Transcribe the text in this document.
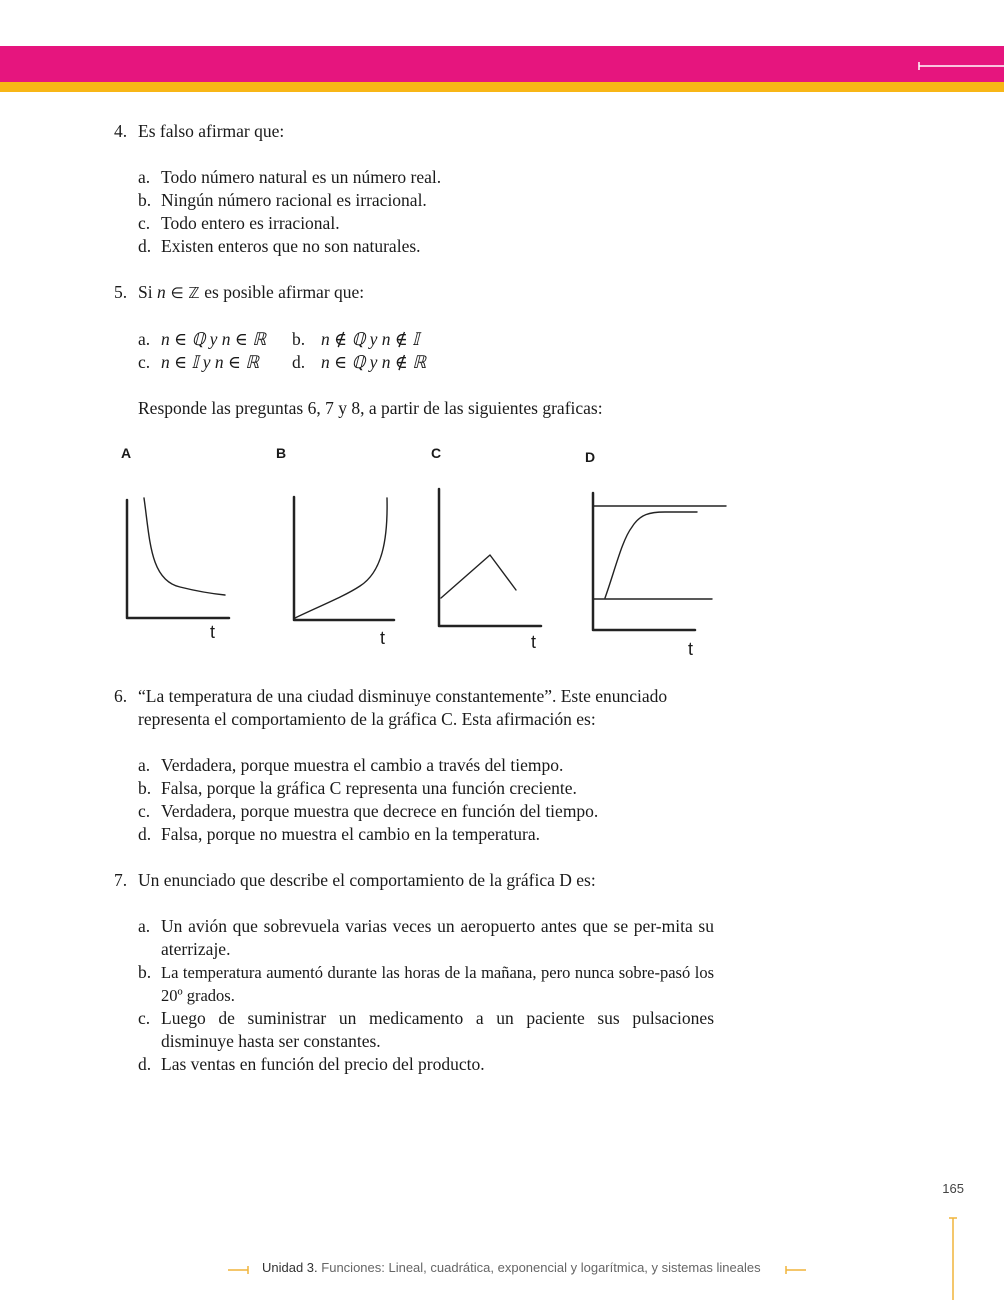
4. Es falso afirmar que:
a. Todo número natural es un número real.
b. Ningún número racional es irracional.
c. Todo entero es irracional.
d. Existen enteros que no son naturales.
5. Si n ∈ ℤ es posible afirmar que:
a. n ∈ ℚ y n ∈ ℝ b. n ∉ ℚ y n ∉ 𝕀
c. n ∈ 𝕀 y n ∈ ℝ d. n ∈ ℚ y n ∉ ℝ
Responde las preguntas 6, 7 y 8, a partir de las siguientes graficas:
6. “La temperatura de una ciudad disminuye constantemente”. Este enunciado representa el comportamiento de la gráfica C. Esta afirmación es:
a. Verdadera, porque muestra el cambio a través del tiempo.
b. Falsa, porque la gráfica C representa una función creciente.
c. Verdadera, porque muestra que decrece en función del tiempo.
d. Falsa, porque no muestra el cambio en la temperatura.
7. Un enunciado que describe el comportamiento de la gráfica D es:
a. Un avión que sobrevuela varias veces un aeropuerto antes que se per-mita su aterrizaje.
b. La temperatura aumentó durante las horas de la mañana, pero nunca sobre-pasó los 20º grados.
c. Luego de suministrar un medicamento a un paciente sus pulsaciones disminuye hasta ser constantes.
d. Las ventas en función del precio del producto.
A	B	C	D
t	t	t	t
165
Unidad 3. Funciones: Lineal, cuadrática, exponencial y logarítmica, y sistemas lineales
